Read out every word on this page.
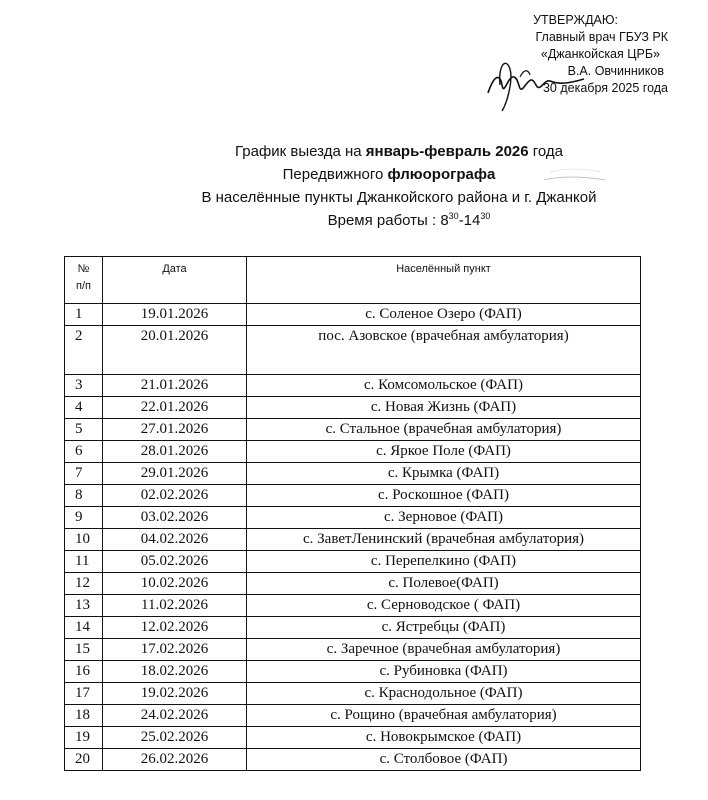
УТВЕРЖДАЮ:
Главный врач ГБУЗ РК
«Джанкойская ЦРБ»
В.А. Овчинников
30 декабря 2025 года
График выезда на январь-февраль 2026 года
Передвижного флюорографа
В населённые пункты Джанкойского района и г. Джанкой
Время работы : $8^{30}-14^{30}$
№
п/п	Дата	Населённый пункт
1	19.01.2026	с. Соленое Озеро (ФАП)
2	20.01.2026	пос. Азовское (врачебная амбулатория)
3	21.01.2026	с. Комсомольское (ФАП)
4	22.01.2026	с. Новая Жизнь (ФАП)
5	27.01.2026	с. Стальное (врачебная амбулатория)
6	28.01.2026	с. Яркое Поле (ФАП)
7	29.01.2026	с. Крымка (ФАП)
8	02.02.2026	с. Роскошное (ФАП)
9	03.02.2026	с. Зерновое (ФАП)
10	04.02.2026	с. ЗаветЛенинский (врачебная амбулатория)
11	05.02.2026	с. Перепелкино (ФАП)
12	10.02.2026	с. Полевое(ФАП)
13	11.02.2026	с. Серноводское ( ФАП)
14	12.02.2026	с. Ястребцы (ФАП)
15	17.02.2026	с. Заречное (врачебная амбулатория)
16	18.02.2026	с. Рубиновка (ФАП)
17	19.02.2026	с. Краснодольное (ФАП)
18	24.02.2026	с. Рощино (врачебная амбулатория)
19	25.02.2026	с. Новокрымское (ФАП)
20	26.02.2026	с. Столбовое (ФАП)
